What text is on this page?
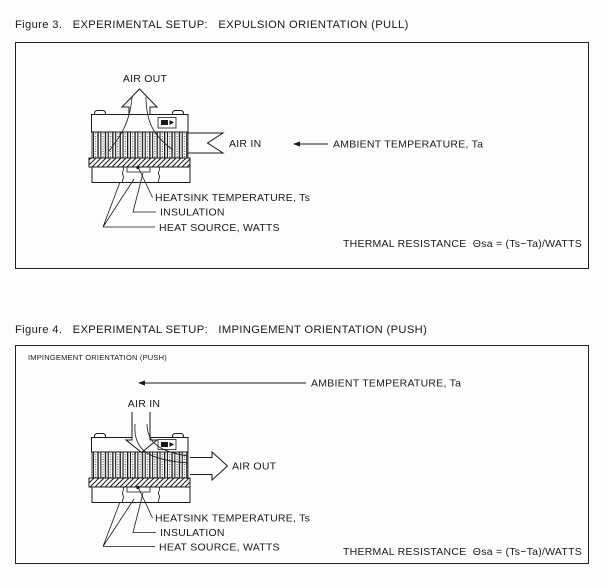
Figure 3.   EXPERIMENTAL SETUP:   EXPULSION ORIENTATION (PULL)
AIR OUT
AIR IN	AMBIENT TEMPERATURE, Ta
HEATSINK TEMPERATURE, Ts
INSULATION
HEAT SOURCE, WATTS
THERMAL RESISTANCE  Θsa = (Ts−Ta)/WATTS
Figure 4.   EXPERIMENTAL SETUP:   IMPINGEMENT ORIENTATION (PUSH)
IMPINGEMENT ORIENTATION (PUSH)
AMBIENT TEMPERATURE, Ta
AIR IN
AIR OUT
HEATSINK TEMPERATURE, Ts
INSULATION
HEAT SOURCE, WATTS	THERMAL RESISTANCE  Θsa = (Ts−Ta)/WATTS
